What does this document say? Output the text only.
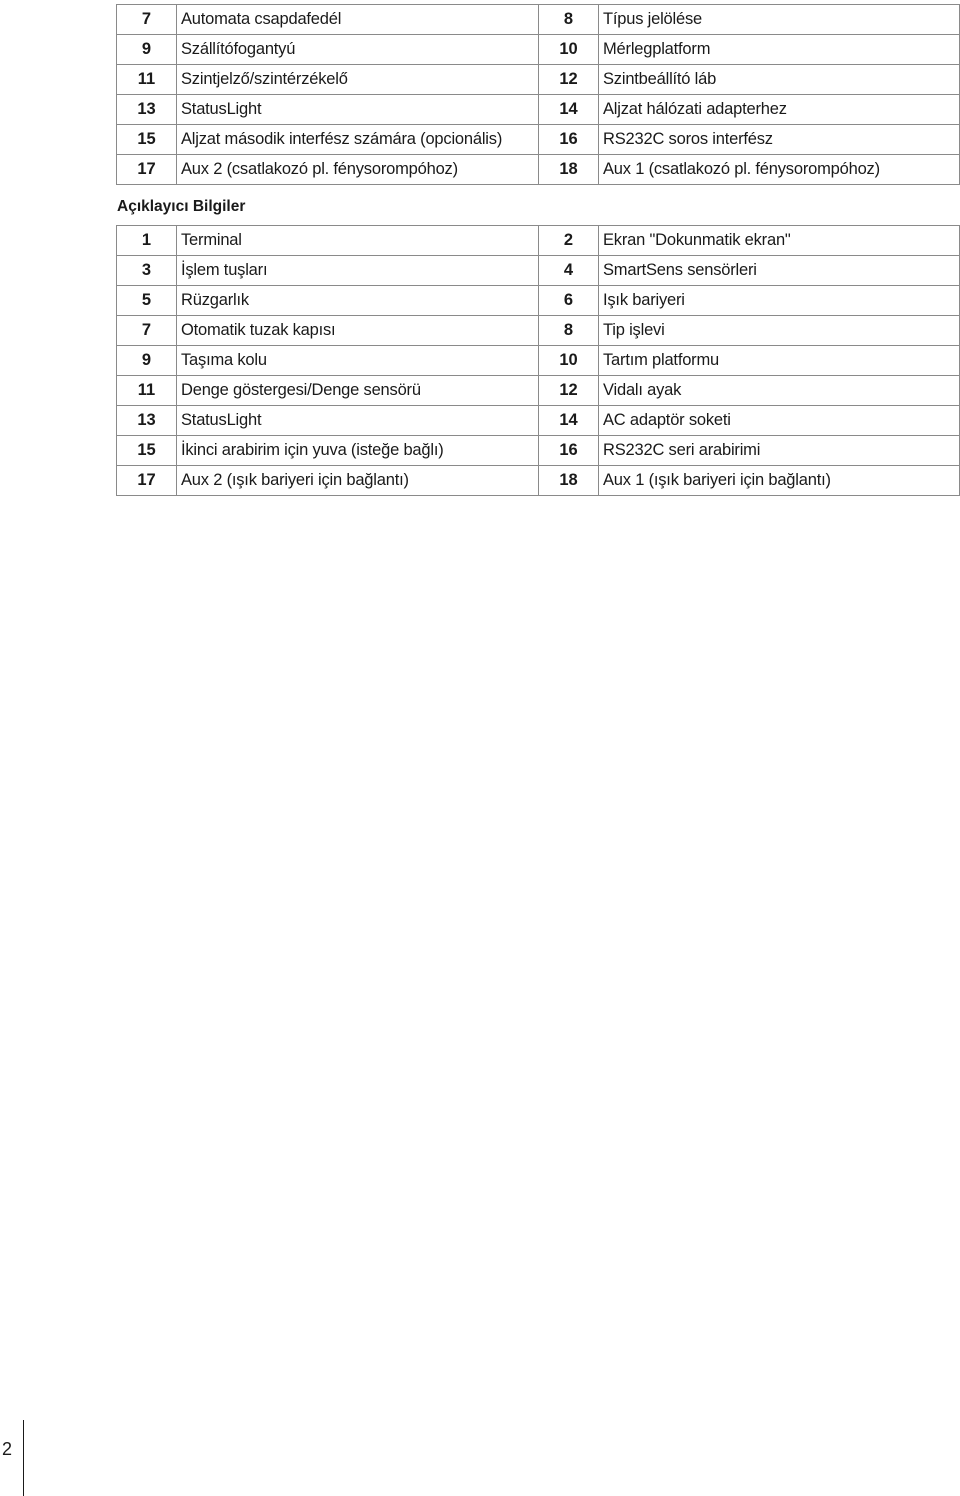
7	Automata csapdafedél	8	Típus jelölése
9	Szállítófogantyú	10	Mérlegplatform
11	Szintjelző/szintérzékelő	12	Szintbeállító láb
13	StatusLight	14	Aljzat hálózati adapterhez
15	Aljzat második interfész számára (opcionális)	16	RS232C soros interfész
17	Aux 2 (csatlakozó pl. fénysorompóhoz)	18	Aux 1 (csatlakozó pl. fénysorompóhoz)
Açıklayıcı Bilgiler
1	Terminal	2	Ekran "Dokunmatik ekran"
3	İşlem tuşları	4	SmartSens sensörleri
5	Rüzgarlık	6	Işık bariyeri
7	Otomatik tuzak kapısı	8	Tip işlevi
9	Taşıma kolu	10	Tartım platformu
11	Denge göstergesi/Denge sensörü	12	Vidalı ayak
13	StatusLight	14	AC adaptör soketi
15	İkinci arabirim için yuva (isteğe bağlı)	16	RS232C seri arabirimi
17	Aux 2 (ışık bariyeri için bağlantı)	18	Aux 1 (ışık bariyeri için bağlantı)
2
